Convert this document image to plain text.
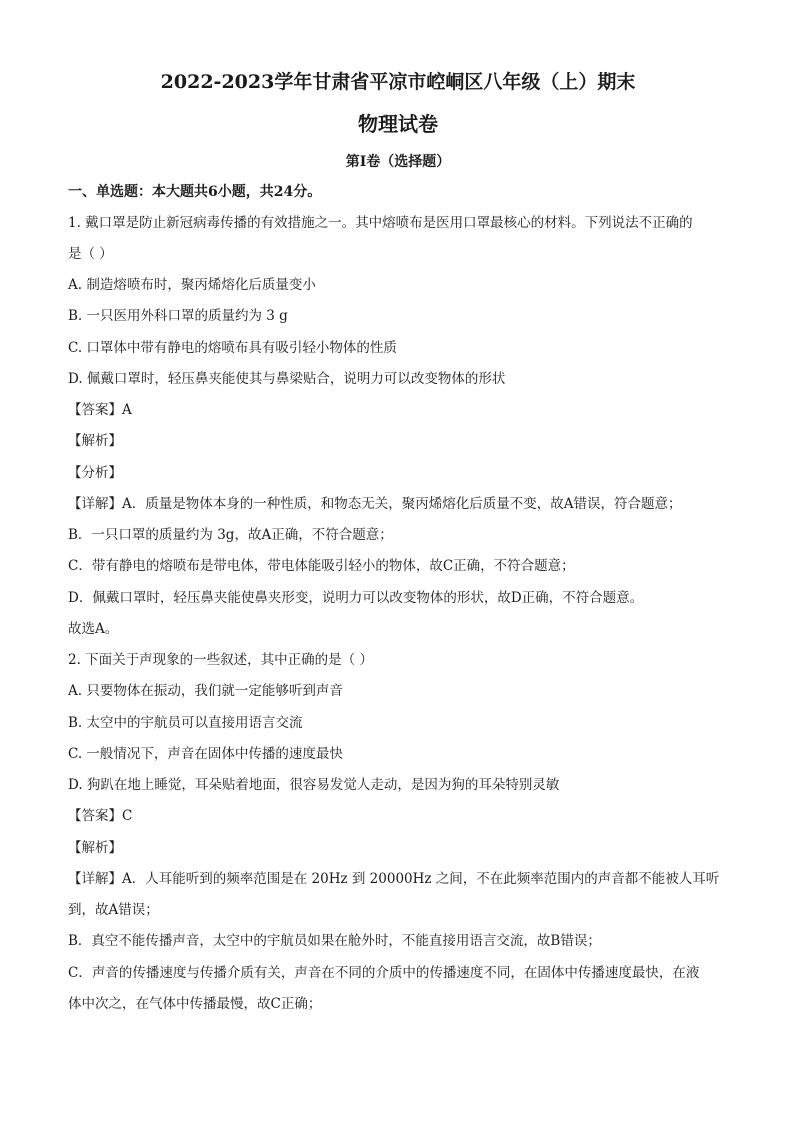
2022-2023学年甘肃省平凉市崆峒区八年级（上）期末
物理试卷
第I卷（选择题）
一、单选题：本大题共6小题，共24分。
1. 戴口罩是防止新冠病毒传播的有效措施之一。其中熔喷布是医用口罩最核心的材料。下列说法不正确的
是（ ）
A. 制造熔喷布时，聚丙烯熔化后质量变小
B. 一只医用外科口罩的质量约为 3 g
C. 口罩体中带有静电的熔喷布具有吸引轻小物体的性质
D. 佩戴口罩时，轻压鼻夹能使其与鼻梁贴合，说明力可以改变物体的形状
【答案】A
【解析】
【分析】
【详解】A．质量是物体本身的一种性质，和物态无关，聚丙烯熔化后质量不变，故A错误，符合题意；
B．一只口罩的质量约为 3g，故A正确，不符合题意；
C．带有静电的熔喷布是带电体，带电体能吸引轻小的物体，故C正确，不符合题意；
D．佩戴口罩时，轻压鼻夹能使鼻夹形变，说明力可以改变物体的形状，故D正确，不符合题意。
故选A。
2. 下面关于声现象的一些叙述，其中正确的是（ ）
A. 只要物体在振动，我们就一定能够听到声音
B. 太空中的宇航员可以直接用语言交流
C. 一般情况下，声音在固体中传播的速度最快
D. 狗趴在地上睡觉，耳朵贴着地面，很容易发觉人走动，是因为狗的耳朵特别灵敏
【答案】C
【解析】
【详解】A．人耳能听到的频率范围是在 20Hz 到 20000Hz 之间，不在此频率范围内的声音都不能被人耳听
到，故A错误；
B．真空不能传播声音，太空中的宇航员如果在舱外时，不能直接用语言交流，故B错误；
C．声音的传播速度与传播介质有关，声音在不同的介质中的传播速度不同，在固体中传播速度最快，在液
体中次之，在气体中传播最慢，故C正确；
